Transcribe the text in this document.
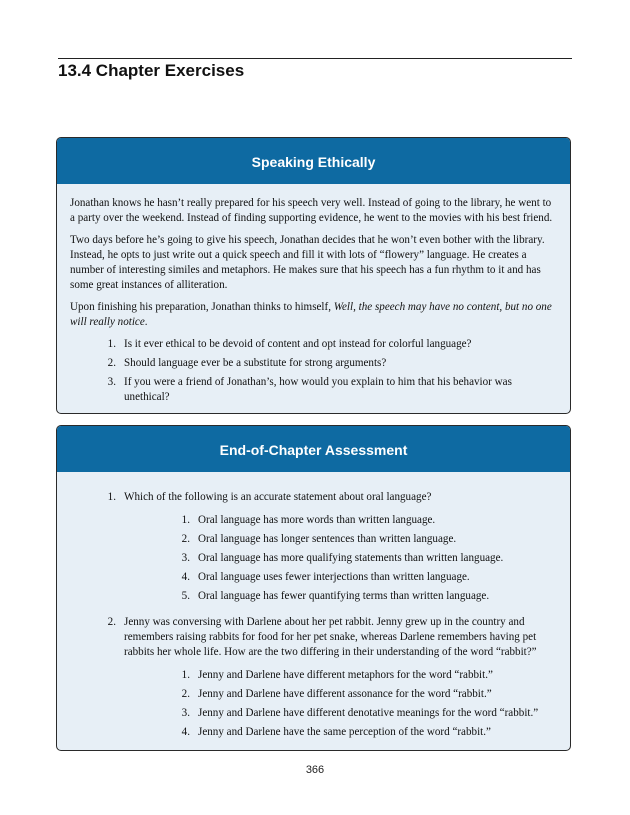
13.4 Chapter Exercises
Speaking Ethically

Jonathan knows he hasn’t really prepared for his speech very well. Instead of going to the library, he went to a party over the weekend. Instead of finding supporting evidence, he went to the movies with his best friend.

Two days before he’s going to give his speech, Jonathan decides that he won’t even bother with the library. Instead, he opts to just write out a quick speech and fill it with lots of “flowery” language. He creates a number of interesting similes and metaphors. He makes sure that his speech has a fun rhythm to it and has some great instances of alliteration.

Upon finishing his preparation, Jonathan thinks to himself, Well, the speech may have no content, but no one will really notice.

1. Is it ever ethical to be devoid of content and opt instead for colorful language?
2. Should language ever be a substitute for strong arguments?
3. If you were a friend of Jonathan’s, how would you explain to him that his behavior was unethical?
End-of-Chapter Assessment
1. Which of the following is an accurate statement about oral language?
1. Oral language has more words than written language.
2. Oral language has longer sentences than written language.
3. Oral language has more qualifying statements than written language.
4. Oral language uses fewer interjections than written language.
5. Oral language has fewer quantifying terms than written language.
2. Jenny was conversing with Darlene about her pet rabbit. Jenny grew up in the country and remembers raising rabbits for food for her pet snake, whereas Darlene remembers having pet rabbits her whole life. How are the two differing in their understanding of the word “rabbit?”
1. Jenny and Darlene have different metaphors for the word “rabbit.”
2. Jenny and Darlene have different assonance for the word “rabbit.”
3. Jenny and Darlene have different denotative meanings for the word “rabbit.”
4. Jenny and Darlene have the same perception of the word “rabbit.”
366
